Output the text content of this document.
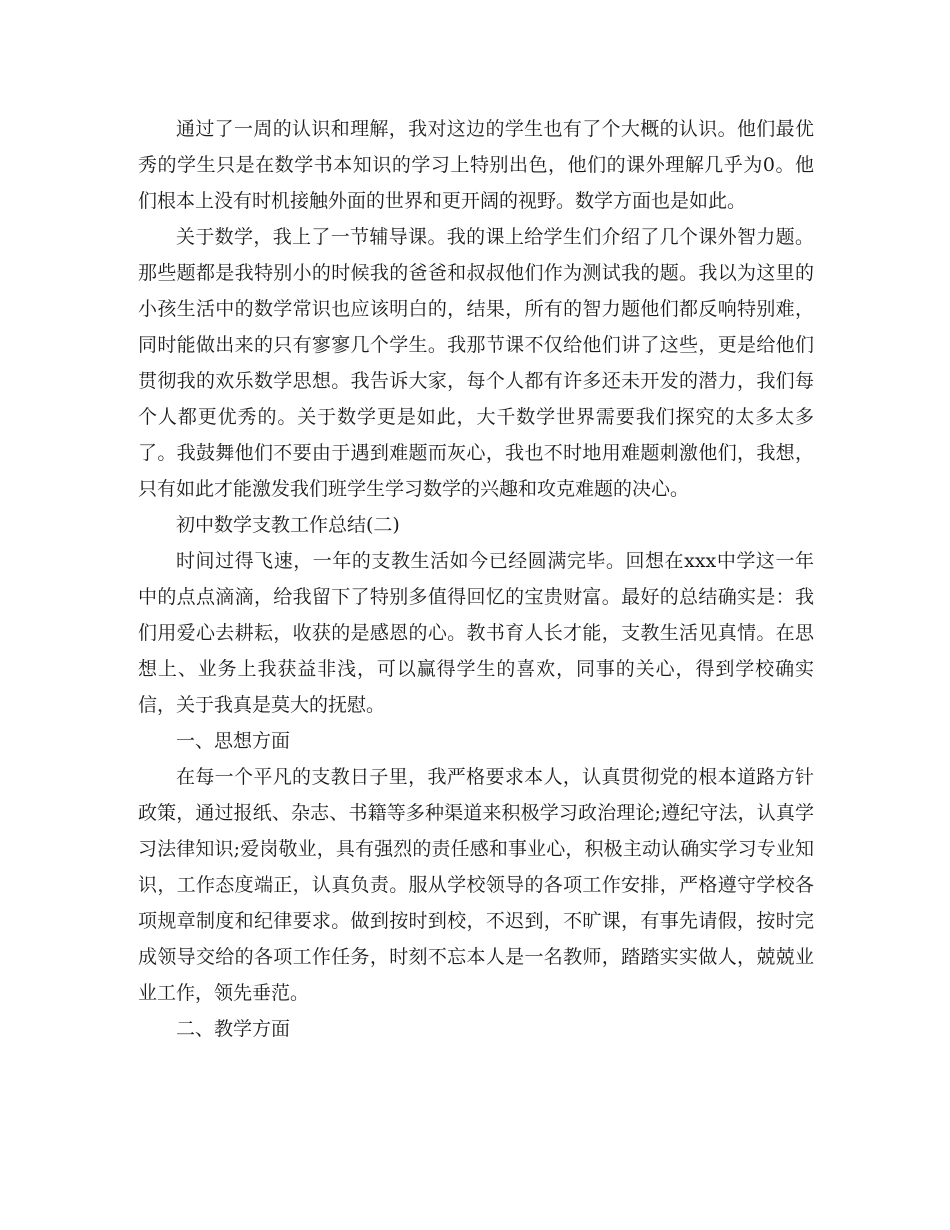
通过了一周的认识和理解，我对这边的学生也有了个大概的认识。他们最优秀的学生只是在数学书本知识的学习上特别出色，他们的课外理解几乎为0。他们根本上没有时机接触外面的世界和更开阔的视野。数学方面也是如此。

关于数学，我上了一节辅导课。我的课上给学生们介绍了几个课外智力题。那些题都是我特别小的时候我的爸爸和叔叔他们作为测试我的题。我以为这里的小孩生活中的数学常识也应该明白的，结果，所有的智力题他们都反响特别难，同时能做出来的只有寥寥几个学生。我那节课不仅给他们讲了这些，更是给他们贯彻我的欢乐数学思想。我告诉大家，每个人都有许多还未开发的潜力，我们每个人都更优秀的。关于数学更是如此，大千数学世界需要我们探究的太多太多了。我鼓舞他们不要由于遇到难题而灰心，我也不时地用难题刺激他们，我想，只有如此才能激发我们班学生学习数学的兴趣和攻克难题的决心。

初中数学支教工作总结(二)

时间过得飞速，一年的支教生活如今已经圆满完毕。回想在xxx中学这一年中的点点滴滴，给我留下了特别多值得回忆的宝贵财富。最好的总结确实是：我们用爱心去耕耘，收获的是感恩的心。教书育人长才能，支教生活见真情。在思想上、业务上我获益非浅，可以赢得学生的喜欢，同事的关心，得到学校确实信，关于我真是莫大的抚慰。

一、思想方面

在每一个平凡的支教日子里，我严格要求本人，认真贯彻党的根本道路方针政策，通过报纸、杂志、书籍等多种渠道来积极学习政治理论;遵纪守法，认真学习法律知识;爱岗敬业，具有强烈的责任感和事业心，积极主动认确实学习专业知识，工作态度端正，认真负责。服从学校领导的各项工作安排，严格遵守学校各项规章制度和纪律要求。做到按时到校，不迟到，不旷课，有事先请假，按时完成领导交给的各项工作任务，时刻不忘本人是一名教师，踏踏实实做人，兢兢业业工作，领先垂范。

二、教学方面
